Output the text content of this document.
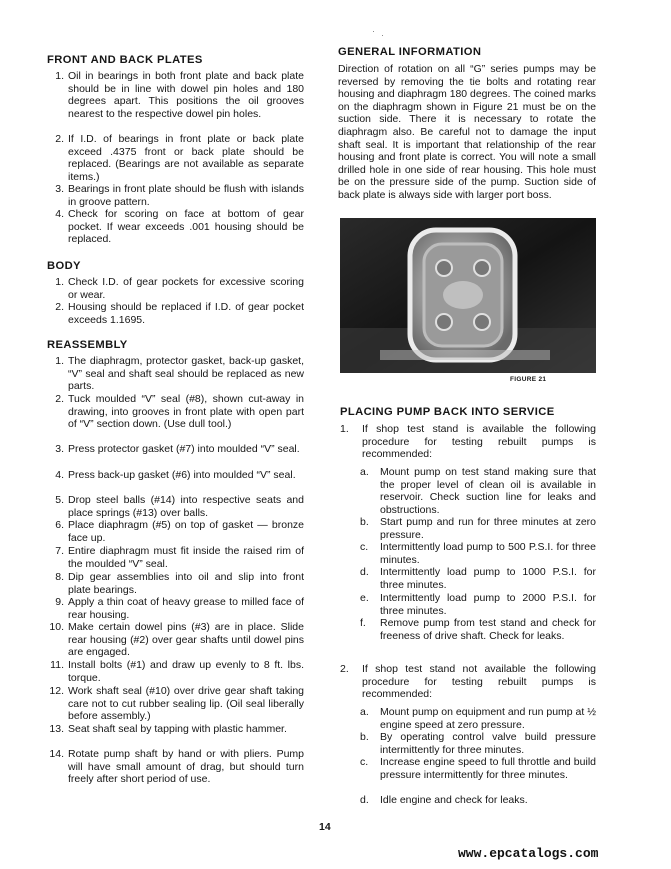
FRONT AND BACK PLATES
1. Oil in bearings in both front plate and back plate should be in line with dowel pin holes and 180 degrees apart. This positions the oil grooves nearest to the respective dowel pin holes.
2. If I.D. of bearings in front plate or back plate exceed .4375 front or back plate should be replaced. (Bearings are not available as separate items.)
3. Bearings in front plate should be flush with islands in groove pattern.
4. Check for scoring on face at bottom of gear pocket. If wear exceeds .001 housing should be replaced.
BODY
1. Check I.D. of gear pockets for excessive scoring or wear.
2. Housing should be replaced if I.D. of gear pocket exceeds 1.1695.
REASSEMBLY
1. The diaphragm, protector gasket, back-up gasket, “V” seal and shaft seal should be replaced as new parts.
2. Tuck moulded “V” seal (#8), shown cut-away in drawing, into grooves in front plate with open part of “V” section down. (Use dull tool.)
3. Press protector gasket (#7) into moulded “V” seal.
4. Press back-up gasket (#6) into moulded “V” seal.
5. Drop steel balls (#14) into respective seats and place springs (#13) over balls.
6. Place diaphragm (#5) on top of gasket — bronze face up.
7. Entire diaphragm must fit inside the raised rim of the moulded “V” seal.
8. Dip gear assemblies into oil and slip into front plate bearings.
9. Apply a thin coat of heavy grease to milled face of rear housing.
10. Make certain dowel pins (#3) are in place. Slide rear housing (#2) over gear shafts until dowel pins are engaged.
11. Install bolts (#1) and draw up evenly to 8 ft. lbs. torque.
12. Work shaft seal (#10) over drive gear shaft taking care not to cut rubber sealing lip. (Oil seal liberally before assembly.)
13. Seat shaft seal by tapping with plastic hammer.
14. Rotate pump shaft by hand or with pliers. Pump will have small amount of drag, but should turn freely after short period of use.
· ·
GENERAL INFORMATION
Direction of rotation on all “G” series pumps may be reversed by removing the tie bolts and rotating rear housing and diaphragm 180 degrees. The coined marks on the diaphragm shown in Figure 21 must be on the suction side. There it is necessary to rotate the diaphragm also. Be careful not to damage the input shaft seal. It is important that relationship of the rear housing and front plate is correct. You will note a small drilled hole in one side of rear housing. This hole must be on the pressure side of the pump. Suction side of back plate is always side with larger port boss.
FIGURE 21
PLACING PUMP BACK INTO SERVICE
1.	If shop test stand is available the following procedure for testing rebuilt pumps is recommended:
a. Mount pump on test stand making sure that the proper level of clean oil is available in reservoir. Check suction line for leaks and obstructions.
b. Start pump and run for three minutes at zero pressure.
c. Intermittently load pump to 500 P.S.I. for three minutes.
d. Intermittently load pump to 1000 P.S.I. for three minutes.
e. Intermittently load pump to 2000 P.S.I. for three minutes.
f. Remove pump from test stand and check for freeness of drive shaft. Check for leaks.
2.	If shop test stand not available the following procedure for testing rebuilt pumps is recommended:
a. Mount pump on equipment and run pump at ½ engine speed at zero pressure.
b. By operating control valve build pressure intermittently for three minutes.
c. Increase engine speed to full throttle and build pressure intermittently for three minutes.
d. Idle engine and check for leaks.
14
www.epcatalogs.com
